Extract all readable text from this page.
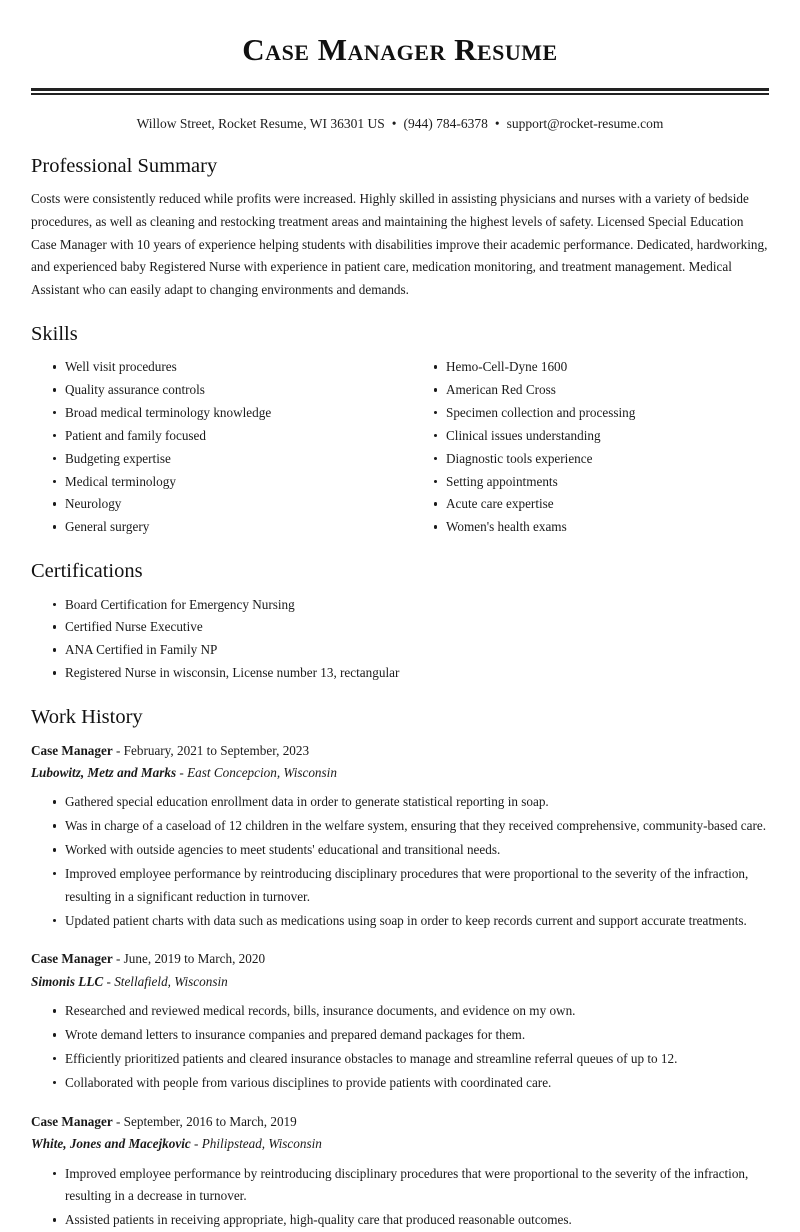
Case Manager Resume
Willow Street, Rocket Resume, WI 36301 US • (944) 784-6378 • support@rocket-resume.com
Professional Summary

Costs were consistently reduced while profits were increased. Highly skilled in assisting physicians and nurses with a variety of bedside procedures, as well as cleaning and restocking treatment areas and maintaining the highest levels of safety. Licensed Special Education Case Manager with 10 years of experience helping students with disabilities improve their academic performance. Dedicated, hardworking, and experienced baby Registered Nurse with experience in patient care, medication monitoring, and treatment management. Medical Assistant who can easily adapt to changing environments and demands.

Skills
Well visit procedures
Quality assurance controls
Broad medical terminology knowledge
Patient and family focused
Budgeting expertise
Medical terminology
Neurology
General surgery
Hemo-Cell-Dyne 1600
American Red Cross
Specimen collection and processing
Clinical issues understanding
Diagnostic tools experience
Setting appointments
Acute care expertise
Women's health exams
Certifications
Board Certification for Emergency Nursing
Certified Nurse Executive
ANA Certified in Family NP
Registered Nurse in wisconsin, License number 13, rectangular
Work History
Case Manager - February, 2021 to September, 2023
Lubowitz, Metz and Marks - East Concepcion, Wisconsin
Gathered special education enrollment data in order to generate statistical reporting in soap.
Was in charge of a caseload of 12 children in the welfare system, ensuring that they received comprehensive, community-based care.
Worked with outside agencies to meet students' educational and transitional needs.
Improved employee performance by reintroducing disciplinary procedures that were proportional to the severity of the infraction, resulting in a significant reduction in turnover.
Updated patient charts with data such as medications using soap in order to keep records current and support accurate treatments.
Case Manager - June, 2019 to March, 2020
Simonis LLC - Stellafield, Wisconsin
Researched and reviewed medical records, bills, insurance documents, and evidence on my own.
Wrote demand letters to insurance companies and prepared demand packages for them.
Efficiently prioritized patients and cleared insurance obstacles to manage and streamline referral queues of up to 12.
Collaborated with people from various disciplines to provide patients with coordinated care.
Case Manager - September, 2016 to March, 2019
White, Jones and Macejkovic - Philipstead, Wisconsin
Improved employee performance by reintroducing disciplinary procedures that were proportional to the severity of the infraction, resulting in a decrease in turnover.
Assisted patients in receiving appropriate, high-quality care that produced reasonable outcomes.
